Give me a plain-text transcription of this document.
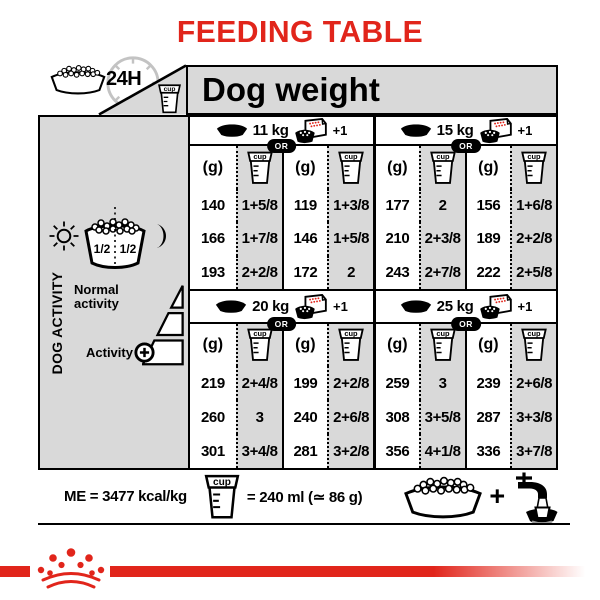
FEEDING TABLE
24H	Dog weight
DOG ACTIVITY Normal activity
Activity
11 kg	+1
OR
15 kg	+1
OR
(g)	(g)	(g)	(g)
140	1+5/8	119	1+3/8	177	2	156	1+6/8
166	1+7/8	146	1+5/8	210	2+3/8	189	2+2/8
193	2+2/8	172	2	243	2+7/8	222	2+5/8
20 kg	+1
OR
25 kg	+1
OR
(g)	(g)	(g)	(g)
219	2+4/8	199	2+2/8	259	3	239	2+6/8
260	3	240	2+6/8	308	3+5/8	287	3+3/8
301	3+4/8	281	3+2/8	356	4+1/8	336	3+7/8
ME = 3477 kcal/kg	= 240 ml (≃ 86 g)	+
